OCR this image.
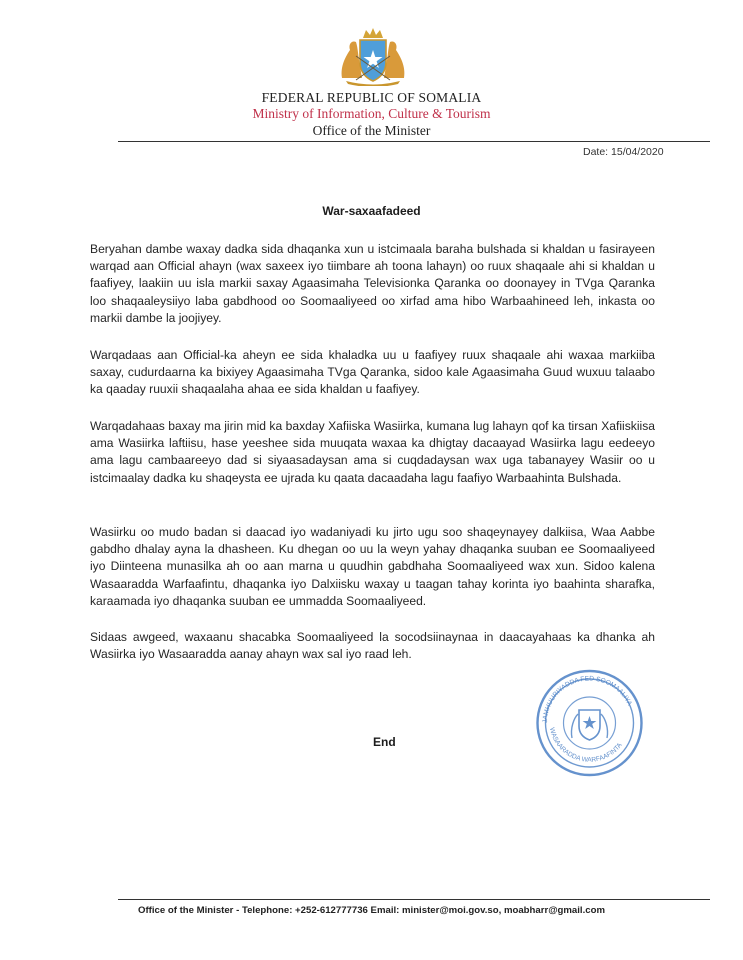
FEDERAL REPUBLIC OF SOMALIA
Ministry of Information, Culture & Tourism
Office of the Minister
Date: 15/04/2020
War-saxaafadeed

Beryahan dambe waxay dadka sida dhaqanka xun u istcimaala baraha bulshada si khaldan u fasirayeen warqad aan Official ahayn (wax saxeex iyo tiimbare ah toona lahayn) oo ruux shaqaale ahi si khaldan u faafiyey, laakiin uu isla markii saxay Agaasimaha Televisionka Qaranka oo doonayey in TVga Qaranka loo shaqaaleysiiyo laba gabdhood oo Soomaaliyeed oo xirfad ama hibo Warbaahineed leh, inkasta oo markii dambe la joojiyey.

Warqadaas aan Official-ka aheyn ee sida khaladka uu u faafiyey ruux shaqaale ahi waxaa markiiba saxay, cudurdaarna ka bixiyey Agaasimaha TVga Qaranka, sidoo kale Agaasimaha Guud wuxuu talaabo ka qaaday ruuxii shaqaalaha ahaa ee sida khaldan u faafiyey.

Warqadahaas baxay ma jirin mid ka baxday Xafiiska Wasiirka, kumana lug lahayn qof ka tirsan Xafiiskiisa ama Wasiirka laftiisu, hase yeeshee sida muuqata waxaa ka dhigtay dacaayad Wasiirka lagu eedeeyo ama lagu cambaareeyo dad si siyaasadaysan ama si cuqdadaysan wax uga tabanayey Wasiir oo u istcimaalay dadka ku shaqeysta ee ujrada ku qaata dacaadaha lagu faafiyo Warbaahinta Bulshada.

Wasiirku oo mudo badan si daacad iyo wadaniyadi ku jirto ugu soo shaqeynayey dalkiisa, Waa Aabbe gabdho dhalay ayna la dhasheen. Ku dhegan oo uu la weyn yahay dhaqanka suuban ee Soomaaliyeed iyo Diinteena munasilka ah oo aan marna u quudhin gabdhaha Soomaaliyeed wax xun. Sidoo kalena Wasaaradda Warfaafintu, dhaqanka iyo Dalxiisku waxay u taagan tahay korinta iyo baahinta sharafka, karaamada iyo dhaqanka suuban ee ummadda Soomaaliyeed.

Sidaas awgeed, waxaanu shacabka Soomaaliyeed la socodsiinaynaa in daacayahaas ka dhanka ah Wasiirka iyo Wasaaradda aanay ahayn wax sal iyo raad leh.

JAMHUURIYADDA FED SOOMAALIYA
WASAARADDA WARFAAFINTA
End
Office of the Minister - Telephone: +252-612777736 Email: minister@moi.gov.so, moabharr@gmail.com
